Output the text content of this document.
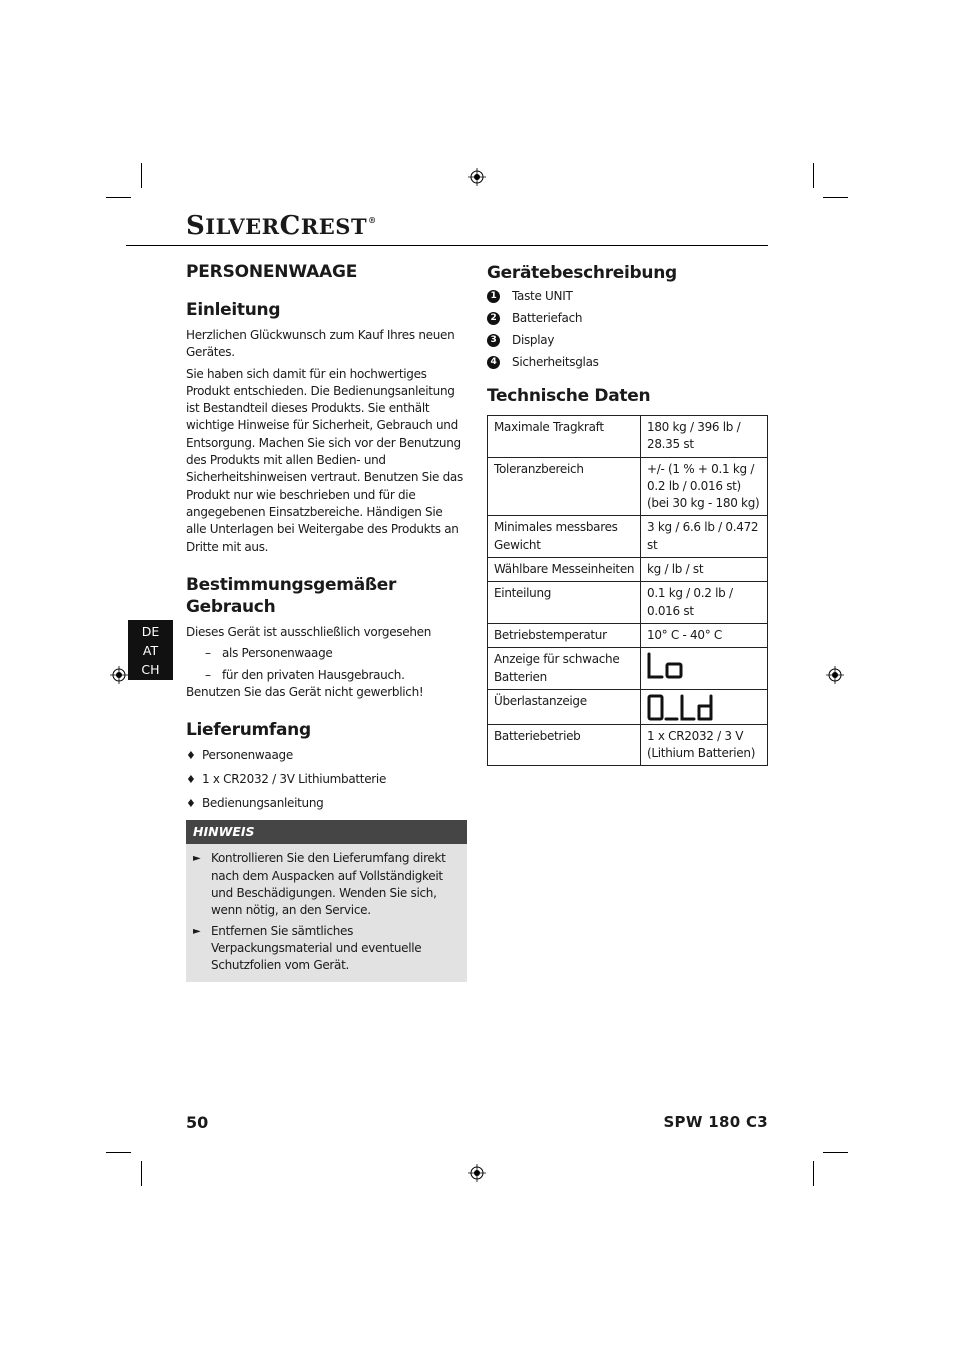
SILVERCREST®
PERSONENWAAGE
Einleitung

Herzlichen Glückwunsch zum Kauf Ihres neuen Gerätes.

Sie haben sich damit für ein hochwertiges Produkt entschieden. Die Bedienungsanleitung ist Bestandteil dieses Produkts. Sie enthält wichtige Hinweise für Sicherheit, Gebrauch und Entsorgung. Machen Sie sich vor der Benutzung des Produkts mit allen Bedien- und Sicherheitshinweisen vertraut. Benutzen Sie das Produkt nur wie beschrieben und für die angegebenen Einsatzbereiche. Händigen Sie alle Unterlagen bei Weitergabe des Produkts an Dritte mit aus.

Bestimmungsgemäßer Gebrauch

Dieses Gerät ist ausschließlich vorgesehen

– als Personenwaage
– für den privaten Hausgebrauch.

Benutzen Sie das Gerät nicht gewerblich!

Lieferumfang
♦ Personenwaage
♦ 1 x CR2032 / 3V Lithiumbatterie
♦ Bedienungsanleitung
HINWEIS
► Kontrollieren Sie den Lieferumfang direkt nach dem Auspacken auf Vollständigkeit und Beschädigungen. Wenden Sie sich, wenn nötig, an den Service.
► Entfernen Sie sämtliches Verpackungsmaterial und eventuelle Schutzfolien vom Gerät.
Gerätebeschreibung
1 Taste UNIT
2 Batteriefach
3 Display
4 Sicherheitsglas
Technische Daten
Maximale Tragkraft	180 kg / 396 lb / 28.35 st
Toleranzbereich	+/- (1 % + 0.1 kg / 0.2 lb / 0.016 st) (bei 30 kg - 180 kg)
Minimales messbares Gewicht	3 kg / 6.6 lb / 0.472 st
Wählbare Messeinheiten	kg / lb / st
Einteilung	0.1 kg / 0.2 lb / 0.016 st
Betriebstemperatur	10° C - 40° C
Anzeige für schwache Batterien	

Überlastanzeige	

Batteriebetrieb	1 x CR2032 / 3 V (Lithium Batterien)
DE
AT
CH
50	SPW 180 C3
